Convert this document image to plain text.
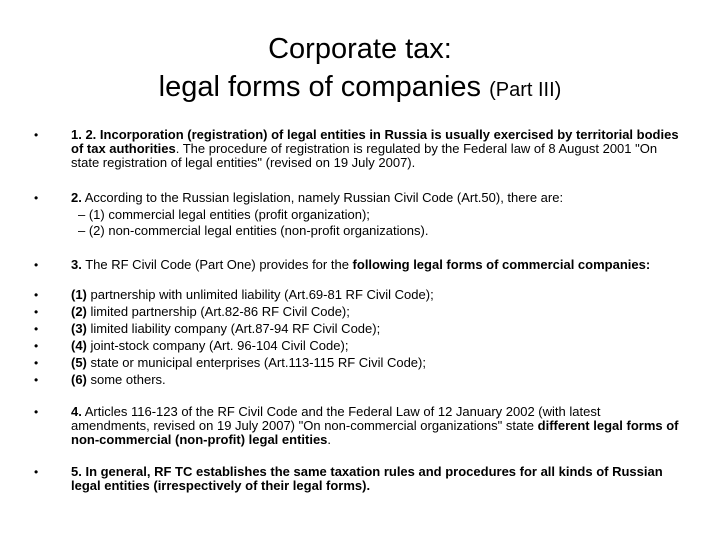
Corporate tax:
legal forms of companies (Part III)
•	1. 2. Incorporation (registration) of legal entities in Russia is usually exercised by territorial bodies of tax authorities. The procedure of registration is regulated by the Federal law of 8 August 2001 "On state registration of legal entities" (revised on 19 July 2007).
•	2. According to the Russian legislation, namely Russian Civil Code (Art.50), there are:
– (1) commercial legal entities (profit organization);
– (2) non-commercial legal entities (non-profit organizations).
•	3. The RF Civil Code (Part One) provides for the following legal forms of commercial companies:
•	(1) partnership with unlimited liability (Art.69-81 RF Civil Code);
•	(2) limited partnership (Art.82-86 RF Civil Code);
•	(3) limited liability company (Art.87-94 RF Civil Code);
•	(4) joint-stock company (Art. 96-104 Civil Code);
•	(5) state or municipal enterprises (Art.113-115 RF Civil Code);
•	(6) some others.
•	4. Articles 116-123 of the RF Civil Code and the Federal Law of 12 January 2002 (with latest amendments, revised on 19 July 2007) "On non-commercial organizations" state different legal forms of non-commercial (non-profit) legal entities.
•	5. In general, RF TC establishes the same taxation rules and procedures for all kinds of Russian legal entities (irrespectively of their legal forms).
